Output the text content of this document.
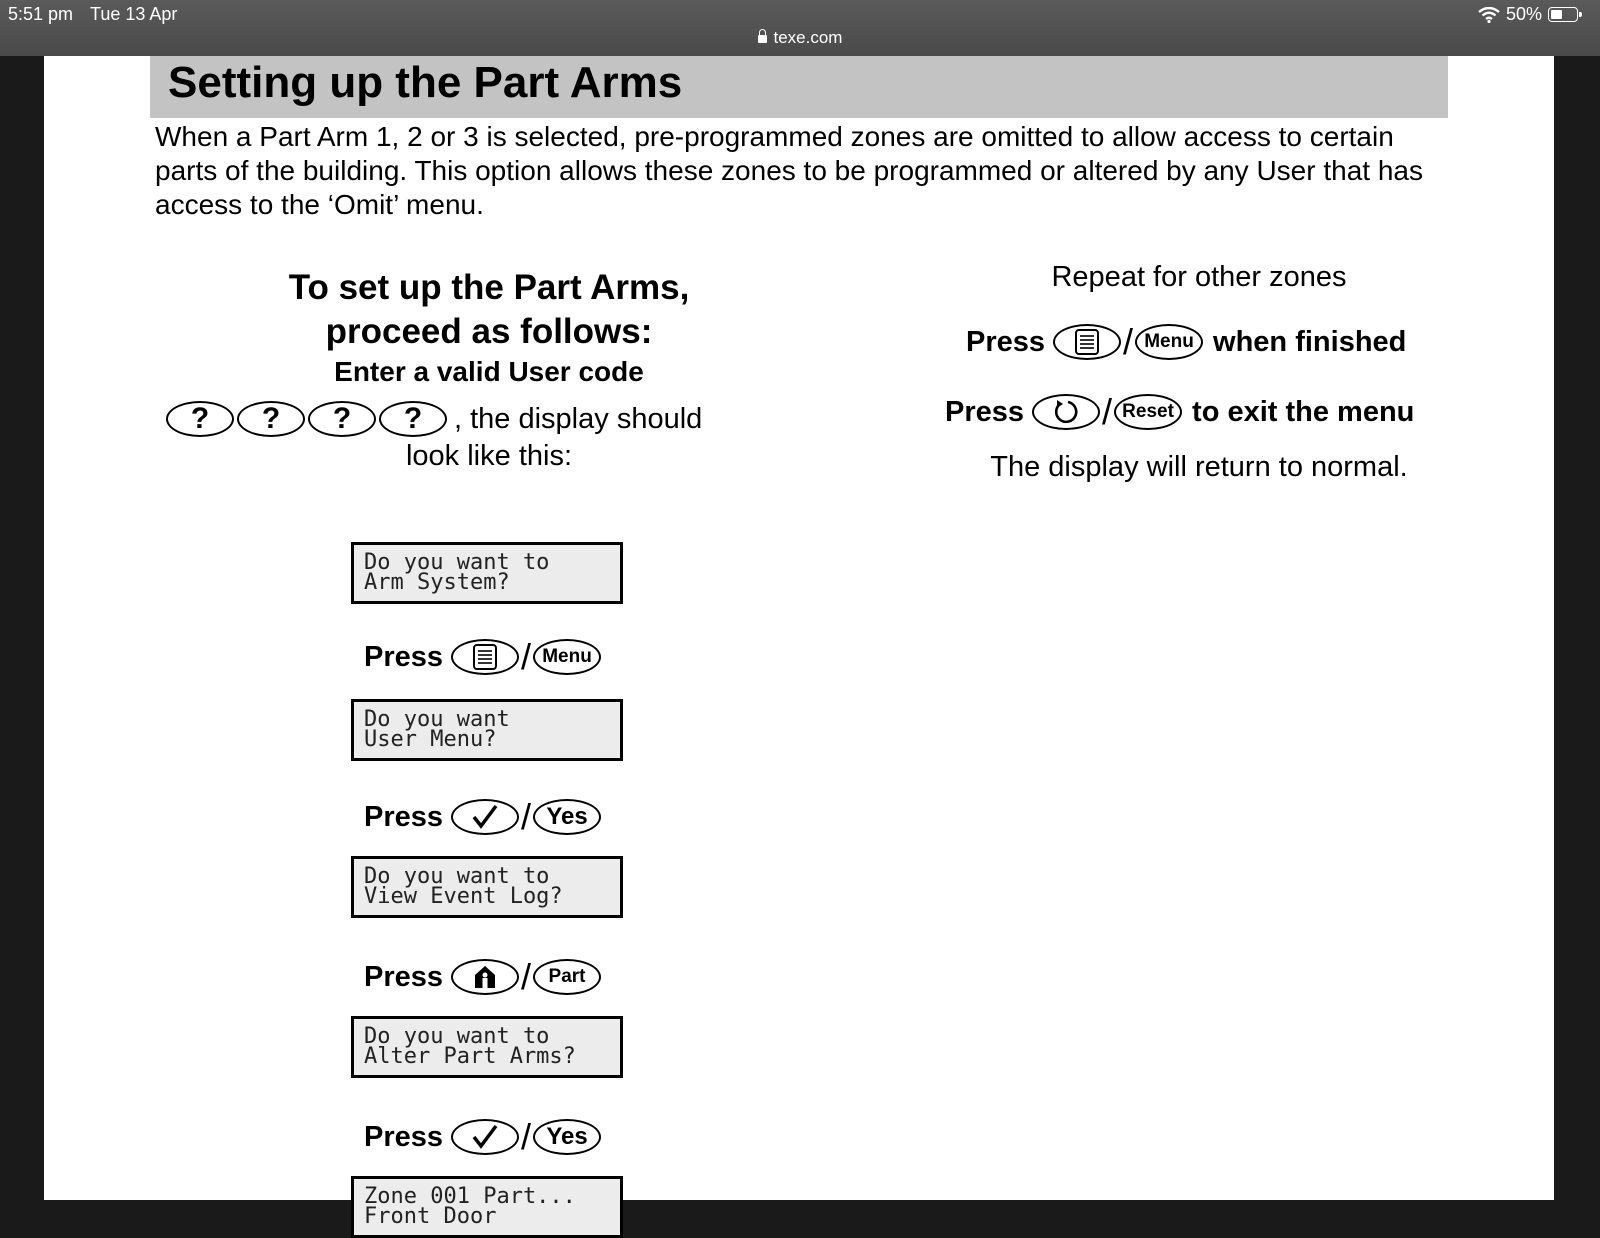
5:51 pm Tue 13 Apr
texe.com
50%
Setting up the Part Arms

When a Part Arm 1, 2 or 3 is selected, pre-programmed zones are omitted to allow access to certain parts of the building. This option allows these zones to be programmed or altered by any User that has access to the ‘Omit’ menu.

To set up the Part Arms,
proceed as follows:
Enter a valid User code
?	?	?	?	, the display should
look like this:
Do you want to
Arm System?
Press / Menu
Do you want
User Menu?
Press / Yes
Do you want to
View Event Log?
Press / Part
Do you want to
Alter Part Arms?
Press / Yes
Zone 001 Part...
Front Door
Repeat for other zones
Press / Menu when finished
Press / Reset to exit the menu
The display will return to normal.
